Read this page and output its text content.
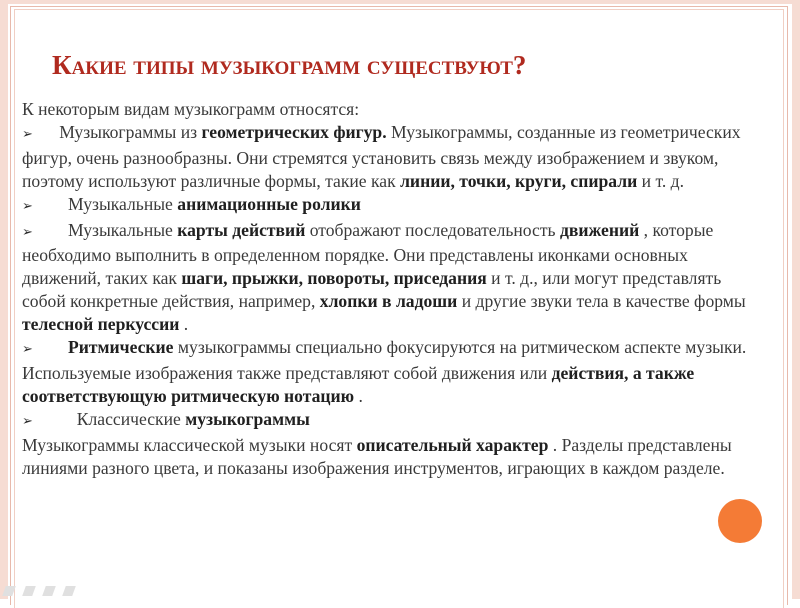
Какие типы музыкограмм существуют?

К некоторым видам музыкограмм относятся:

➢ Музыкограммы из геометрических фигур. Музыкограммы, созданные из геометрических фигур, очень разнообразны. Они стремятся установить связь между изображением и звуком, поэтому используют различные формы, такие как линии, точки, круги, спирали и т. д.

➢ Музыкальные анимационные ролики

➢ Музыкальные карты действий отображают последовательность движений , которые необходимо выполнить в определенном порядке. Они представлены иконками основных движений, таких как шаги, прыжки, повороты, приседания и т. д., или могут представлять собой конкретные действия, например, хлопки в ладоши и другие звуки тела в качестве формы телесной перкуссии .

➢ Ритмические музыкограммы специально фокусируются на ритмическом аспекте музыки. Используемые изображения также представляют собой движения или действия, а также соответствующую ритмическую нотацию .

➢ Классические музыкограммы

Музыкограммы классической музыки носят описательный характер . Разделы представлены линиями разного цвета, и показаны изображения инструментов, играющих в каждом разделе.
